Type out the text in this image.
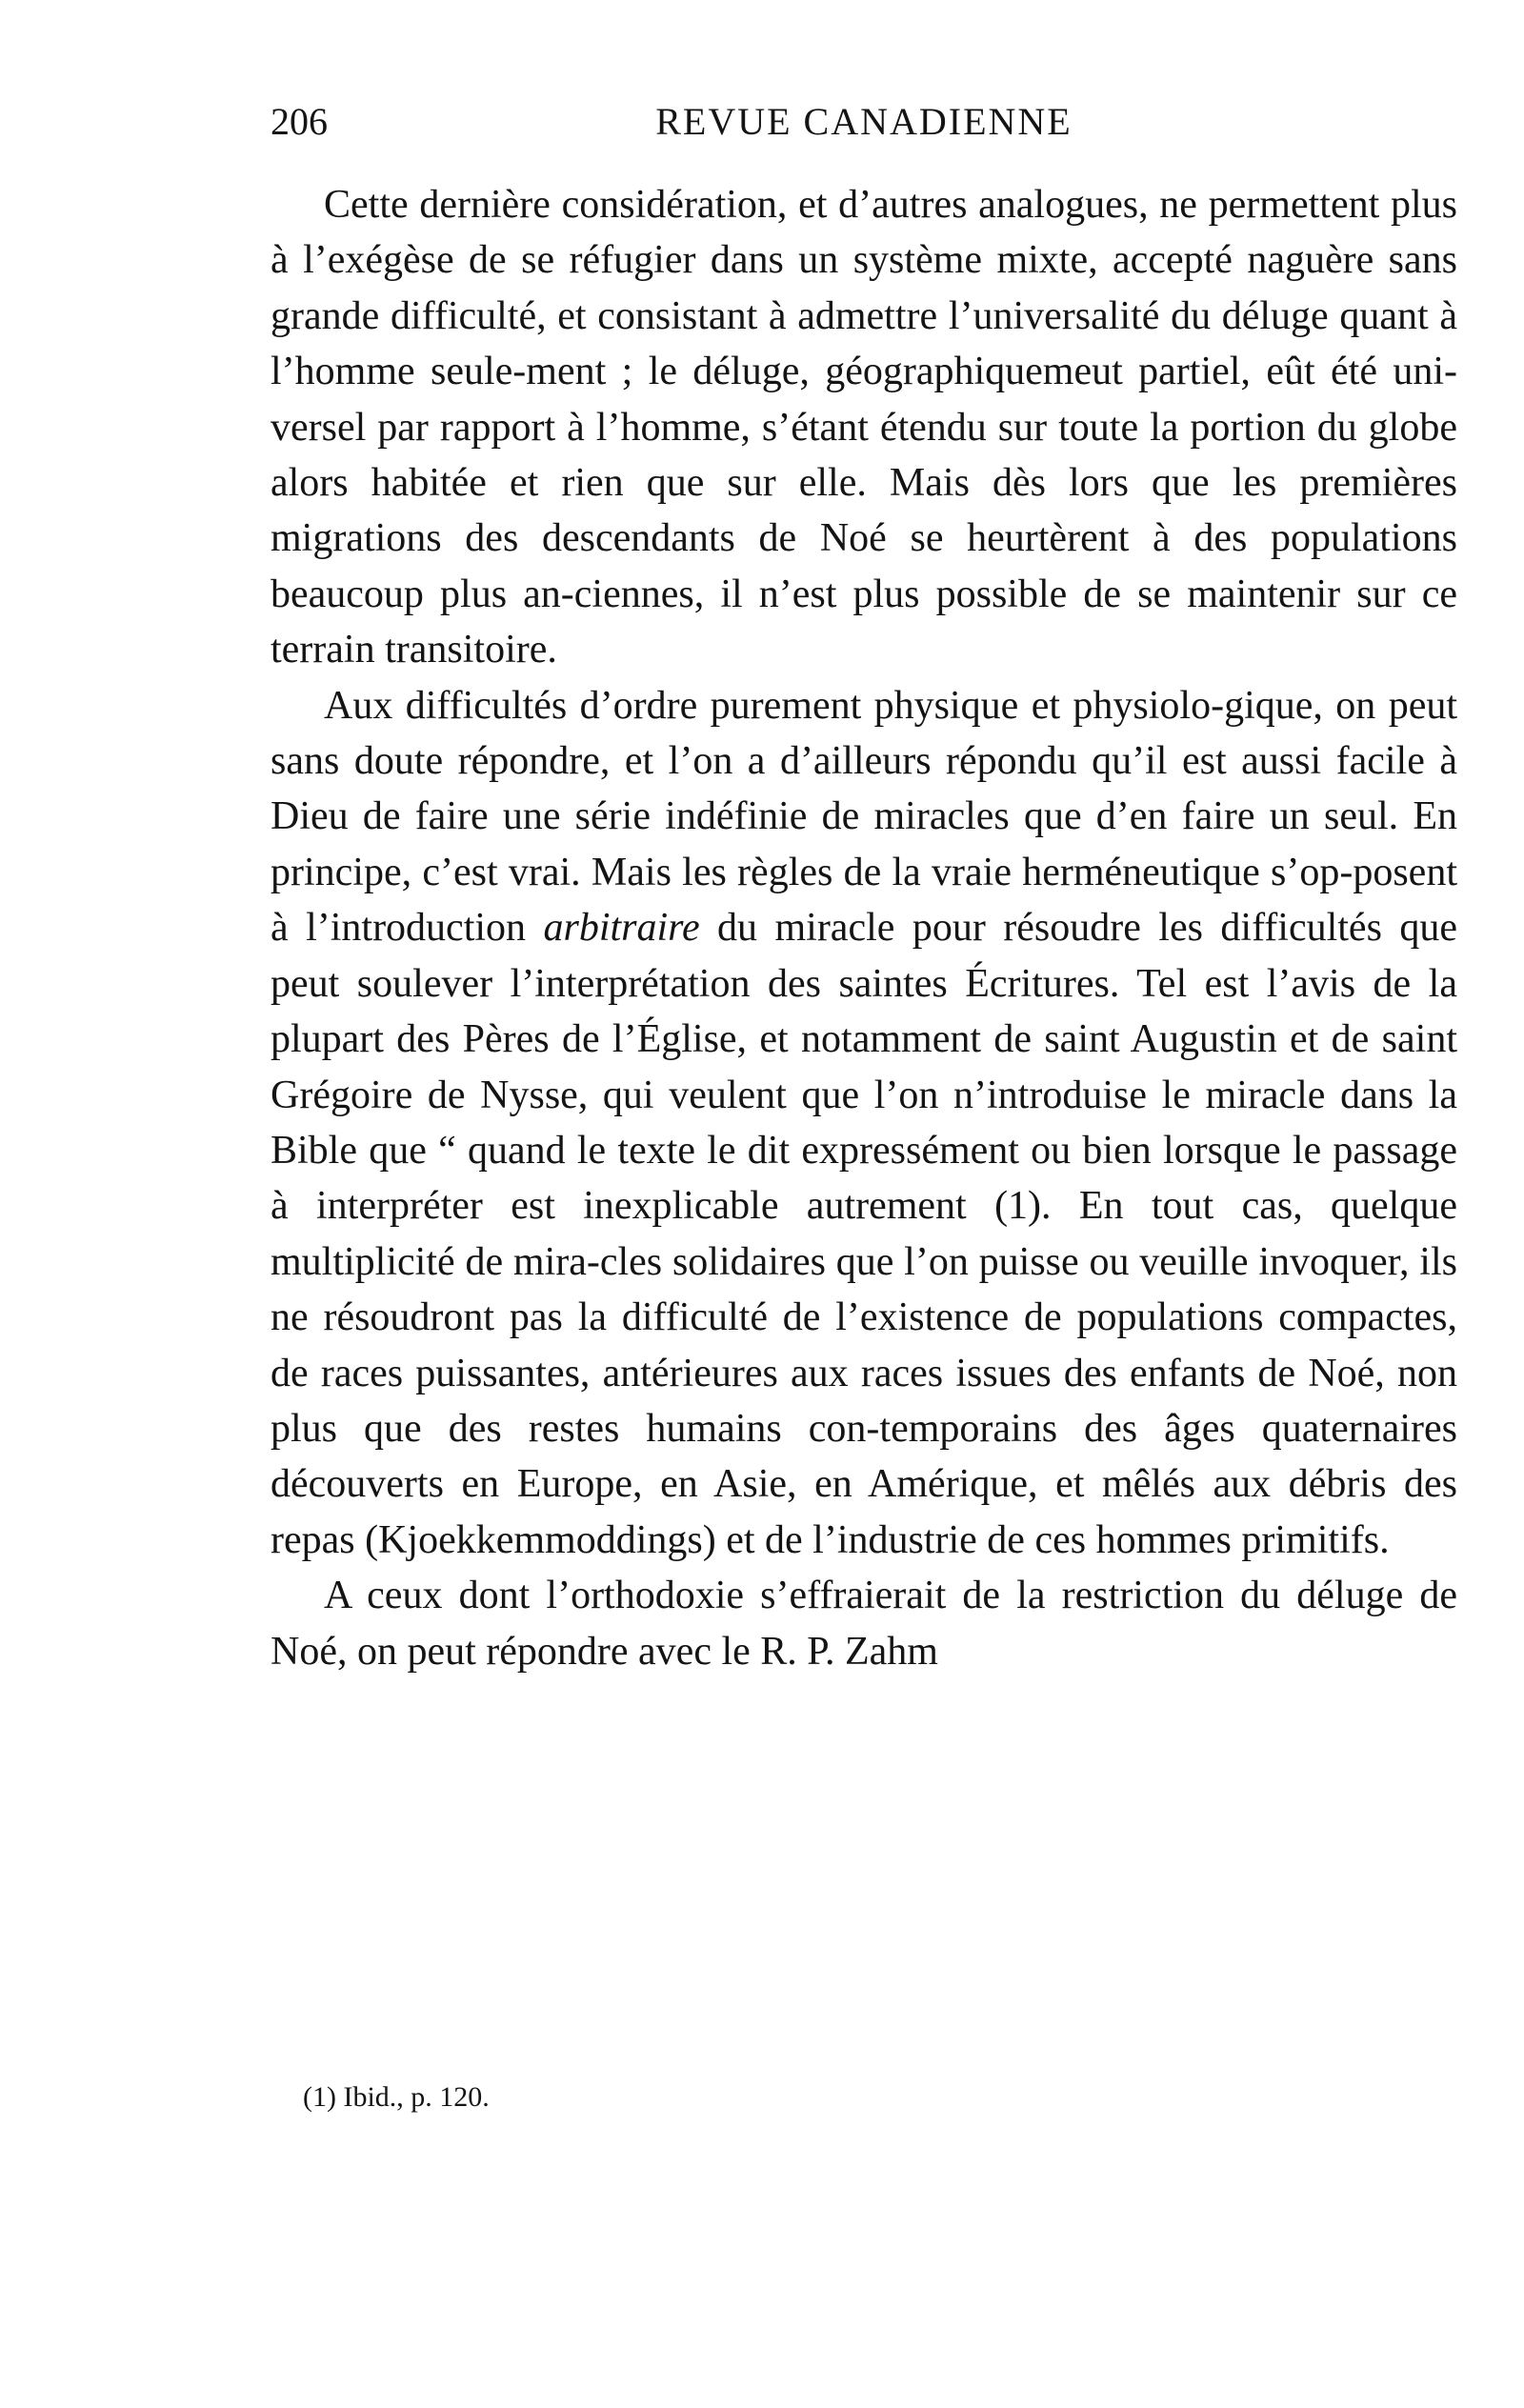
206	REVUE CANADIENNE

Cette dernière considération, et d’autres analogues, ne permettent plus à l’exégèse de se réfugier dans un système mixte, accepté naguère sans grande difficulté, et consistant à admettre l’universalité du déluge quant à l’homme seule-ment ; le déluge, géographiquemeut partiel, eût été uni-versel par rapport à l’homme, s’étant étendu sur toute la portion du globe alors habitée et rien que sur elle. Mais dès lors que les premières migrations des descendants de Noé se heurtèrent à des populations beaucoup plus an-ciennes, il n’est plus possible de se maintenir sur ce terrain transitoire.

Aux difficultés d’ordre purement physique et physiolo-gique, on peut sans doute répondre, et l’on a d’ailleurs répondu qu’il est aussi facile à Dieu de faire une série indéfinie de miracles que d’en faire un seul. En principe, c’est vrai. Mais les règles de la vraie herméneutique s’op-posent à l’introduction arbitraire du miracle pour résoudre les difficultés que peut soulever l’interprétation des saintes Écritures. Tel est l’avis de la plupart des Pères de l’Église, et notamment de saint Augustin et de saint Grégoire de Nysse, qui veulent que l’on n’introduise le miracle dans la Bible que “ quand le texte le dit expressément ou bien lorsque le passage à interpréter est inexplicable autrement (1). En tout cas, quelque multiplicité de mira-cles solidaires que l’on puisse ou veuille invoquer, ils ne résoudront pas la difficulté de l’existence de populations compactes, de races puissantes, antérieures aux races issues des enfants de Noé, non plus que des restes humains con-temporains des âges quaternaires découverts en Europe, en Asie, en Amérique, et mêlés aux débris des repas (Kjoekkemmoddings) et de l’industrie de ces hommes primitifs.

A ceux dont l’orthodoxie s’effraierait de la restriction du déluge de Noé, on peut répondre avec le R. P. Zahm

(1) Ibid., p. 120.
